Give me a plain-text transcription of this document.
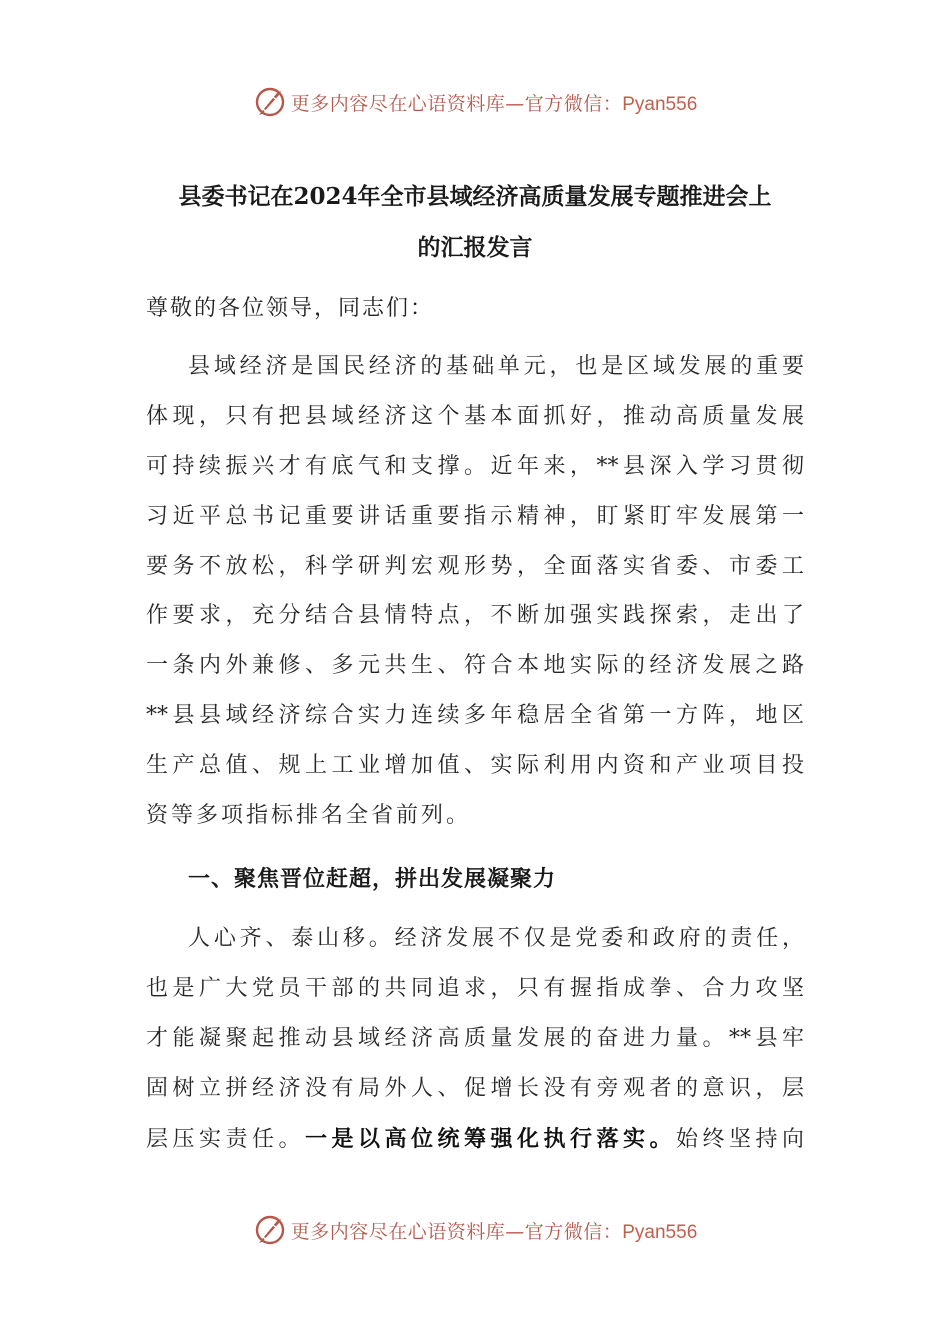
更多内容尽在心语资料库—官方微信：Pyan556
县委书记在2024年全市县域经济高质量发展专题推进会上
的汇报发言

尊敬的各位领导，同志们：

县域经济是国民经济的基础单元，也是区域发展的重要

体现，只有把县域经济这个基本面抓好，推动高质量发展

可持续振兴才有底气和支撑。近年来，**县深入学习贯彻

习近平总书记重要讲话重要指示精神，盯紧盯牢发展第一

要务不放松，科学研判宏观形势，全面落实省委、市委工

作要求，充分结合县情特点，不断加强实践探索，走出了

一条内外兼修、多元共生、符合本地实际的经济发展之路

**县县域经济综合实力连续多年稳居全省第一方阵，地区

生产总值、规上工业增加值、实际利用内资和产业项目投

资等多项指标排名全省前列。

一、聚焦晋位赶超，拼出发展凝聚力

人心齐、泰山移。经济发展不仅是党委和政府的责任，

也是广大党员干部的共同追求，只有握指成拳、合力攻坚

才能凝聚起推动县域经济高质量发展的奋进力量。**县牢

固树立拼经济没有局外人、促增长没有旁观者的意识，层

层压实责任。一是以高位统筹强化执行落实。始终坚持向

更多内容尽在心语资料库—官方微信：Pyan556
